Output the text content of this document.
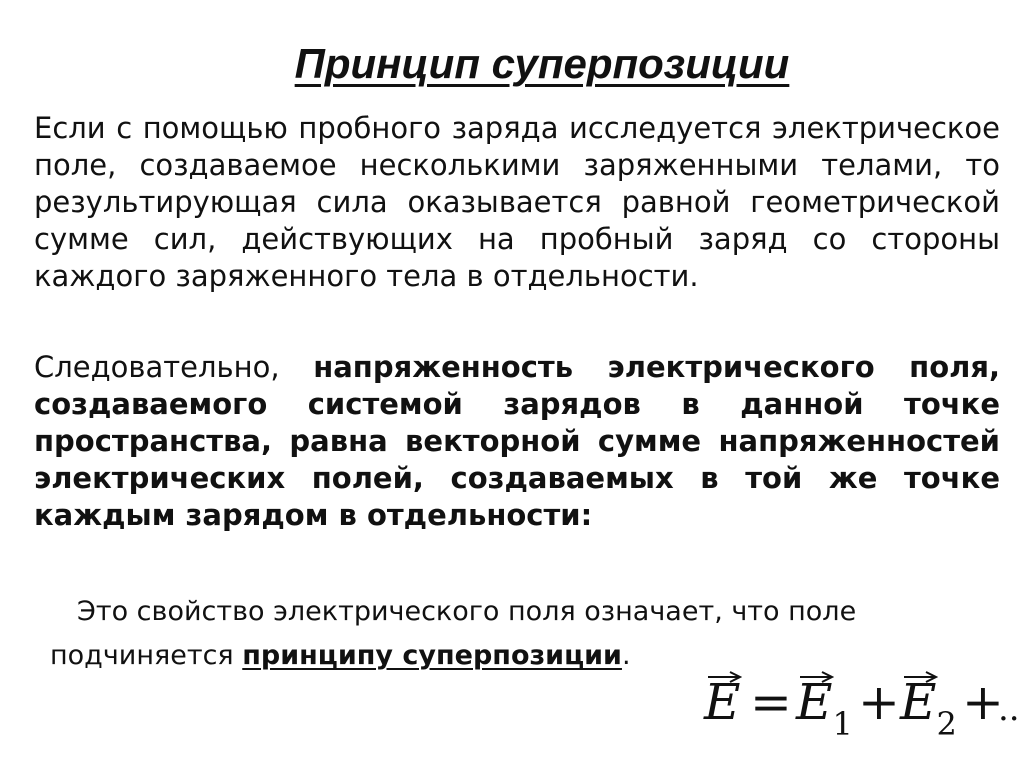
Принцип суперпозиции

Если с помощью пробного заряда исследуется электрическое поле, создаваемое несколькими заряженными телами, то результирующая сила оказывается равной геометрической сумме сил, действующих на пробный заряд со стороны каждого заряженного тела в отдельности.

Следовательно, напряженность электрического поля, создаваемого системой зарядов в данной точке пространства, равна векторной сумме напряженностей электрических полей, создаваемых в той же точке каждым зарядом в отдельности:

Это свойство электрического поля означает, что поле
подчиняется принципу суперпозиции.

$E = E_1 + E_2$ +
..
